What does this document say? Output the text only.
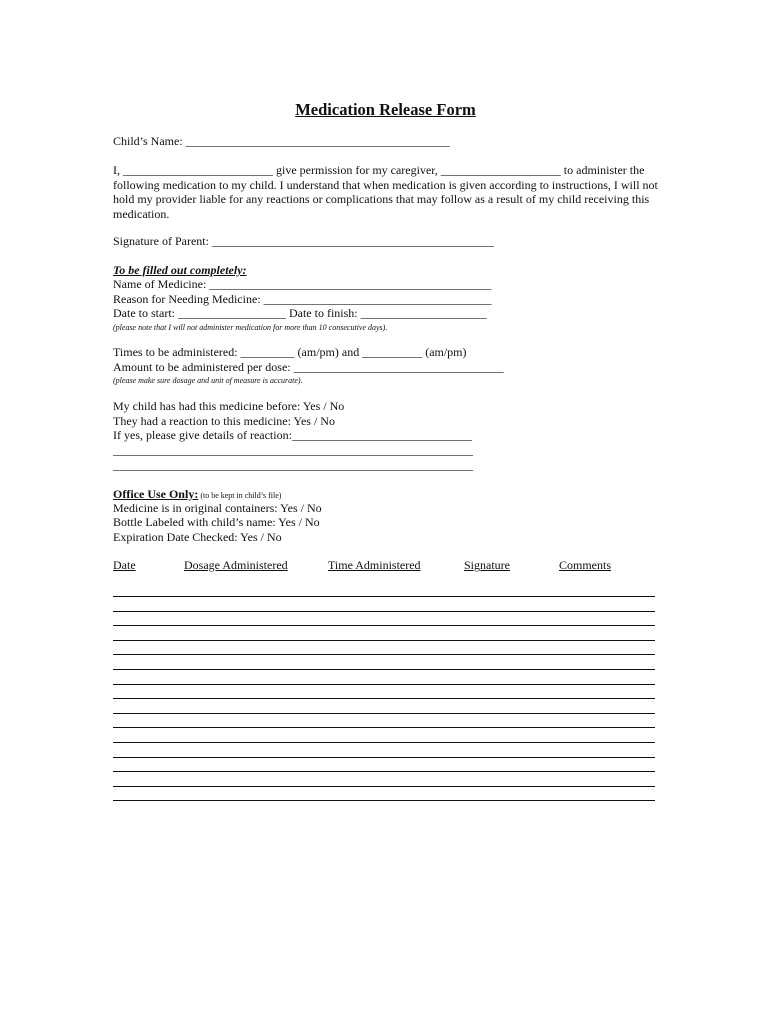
Medication Release Form
Child’s Name: ____________________________________________
I, _________________________ give permission for my caregiver, ____________________ to administer the following medication to my child. I understand that when medication is given according to instructions, I will not hold my provider liable for any reactions or complications that may follow as a result of my child receiving this medication.
Signature of Parent: _______________________________________________
To be filled out completely:
Name of Medicine: _______________________________________________
Reason for Needing Medicine: ______________________________________
Date to start: __________________ Date to finish: _____________________
(please note that I will not administer medication for more than 10 consecutive days).
Times to be administered: _________ (am/pm) and __________ (am/pm)
Amount to be administered per dose: ___________________________________
(please make sure dosage and unit of measure is accurate).
My child has had this medicine before: Yes / No
They had a reaction to this medicine: Yes / No
If yes, please give details of reaction:______________________________
____________________________________________________________
____________________________________________________________
Office Use Only: (to be kept in child’s file)
Medicine is in original containers: Yes / No
Bottle Labeled with child’s name: Yes / No
Expiration Date Checked: Yes / No
Date	Dosage Administered	Time Administered	Signature	Comments
